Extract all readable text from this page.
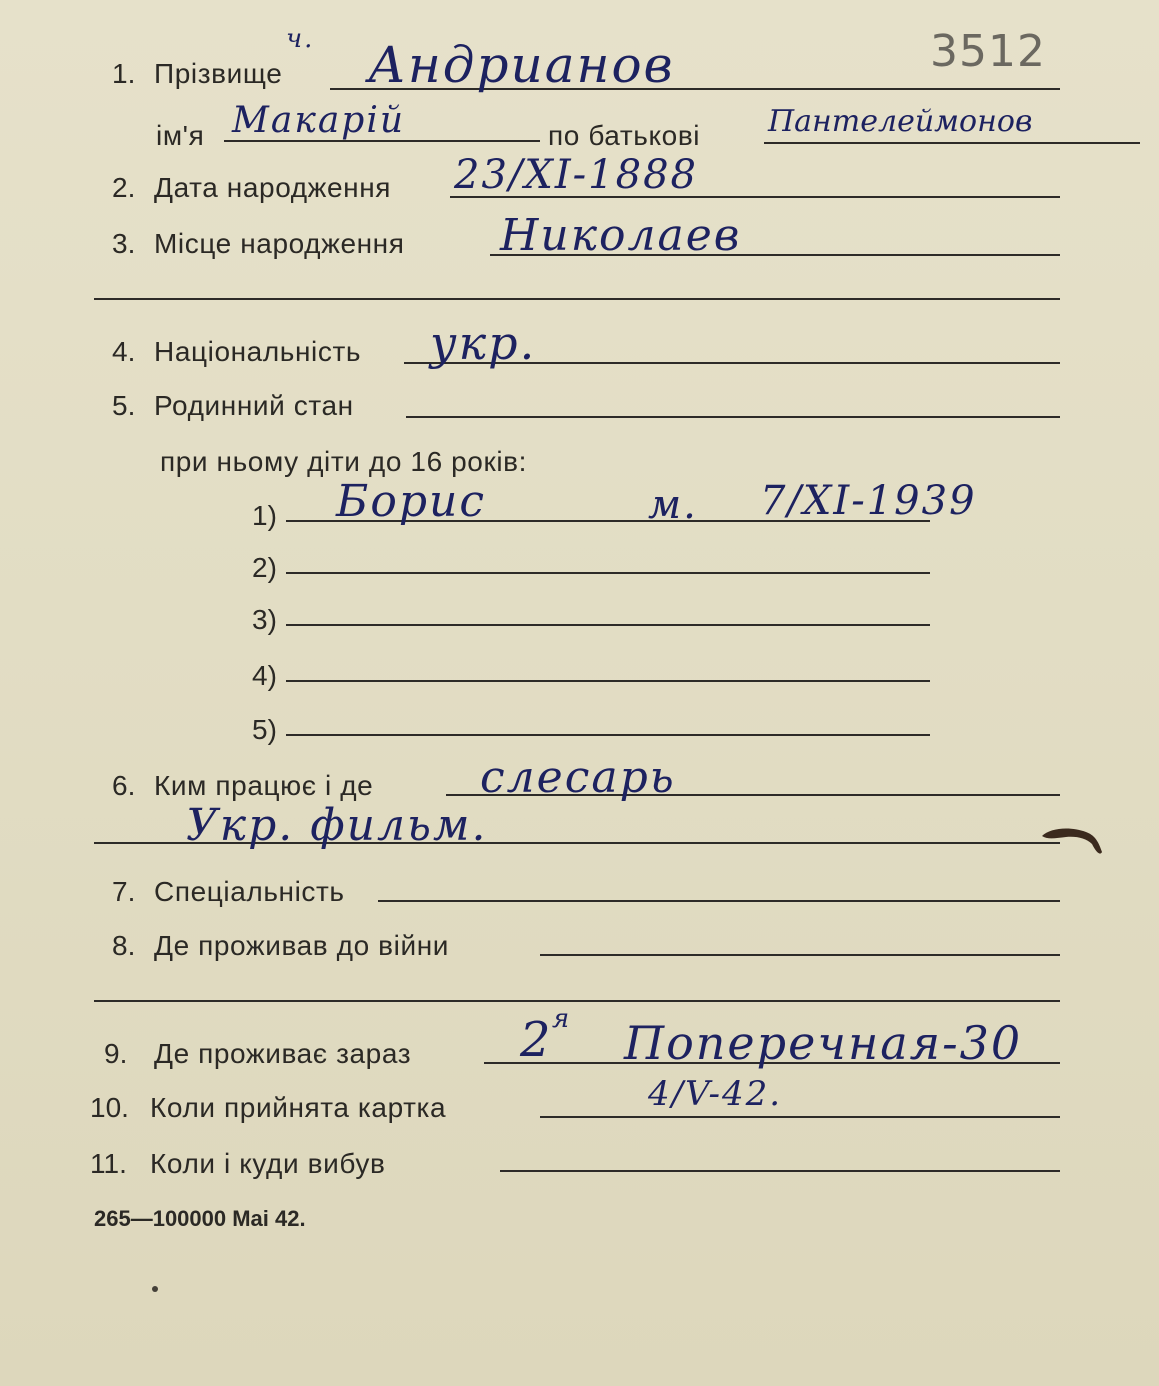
3512
1. Прізвище
ч. Андрианов
ім'я Макарій	по батькові Пантелеймонов
2. Дата народження 23/XI-1888
3. Місце народження Николаев
4. Національність укр.
5. Родинний стан
при ньому діти до 16 років:
1) Борис	м. 7/XI-1939
2)
3)
4)
5)
6. Ким працює і де слесарь
Укр. фильм.
7. Спеціальність
8. Де проживав до війни
9. Де проживає зараз 2 я Поперечная-30
10. Коли прийнята картка	4/V-42.
11. Коли і куди вибув
265—100000 Mai 42.
